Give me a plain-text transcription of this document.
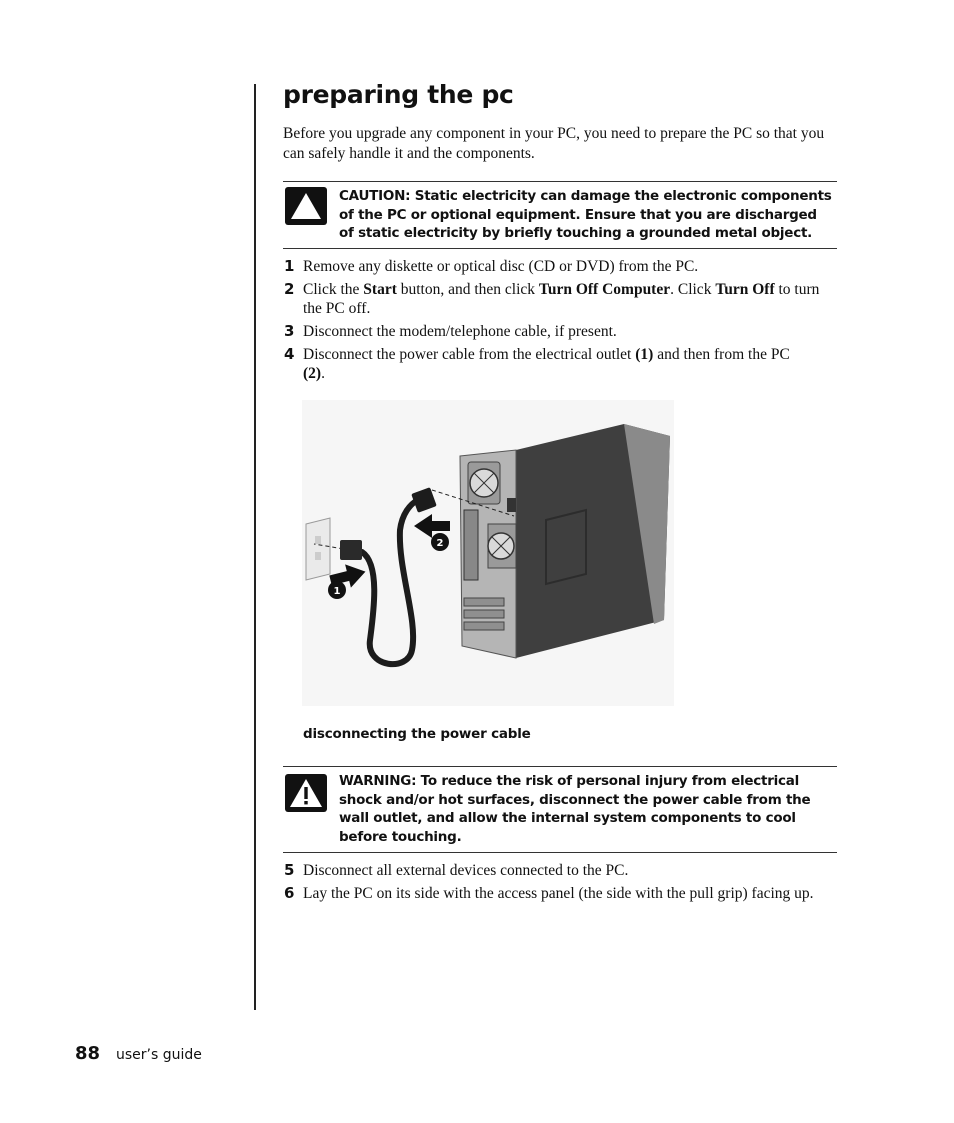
preparing the pc

Before you upgrade any component in your PC, you need to prepare the PC so that you can safely handle it and the components.

CAUTION: Static electricity can damage the electronic components of the PC or optional equipment. Ensure that you are discharged of static electricity by briefly touching a grounded metal object.
1 Remove any diskette or optical disc (CD or DVD) from the PC.
2 Click the Start button, and then click Turn Off Computer. Click Turn Off to turn the PC off.
3 Disconnect the modem/telephone cable, if present.
4 Disconnect the power cable from the electrical outlet (1) and then from the PC (2).
1
2
disconnecting the power cable
WARNING: To reduce the risk of personal injury from electrical shock and/or hot surfaces, disconnect the power cable from the wall outlet, and allow the internal system components to cool before touching.
5 Disconnect all external devices connected to the PC.
6 Lay the PC on its side with the access panel (the side with the pull grip) facing up.
88 user’s guide
